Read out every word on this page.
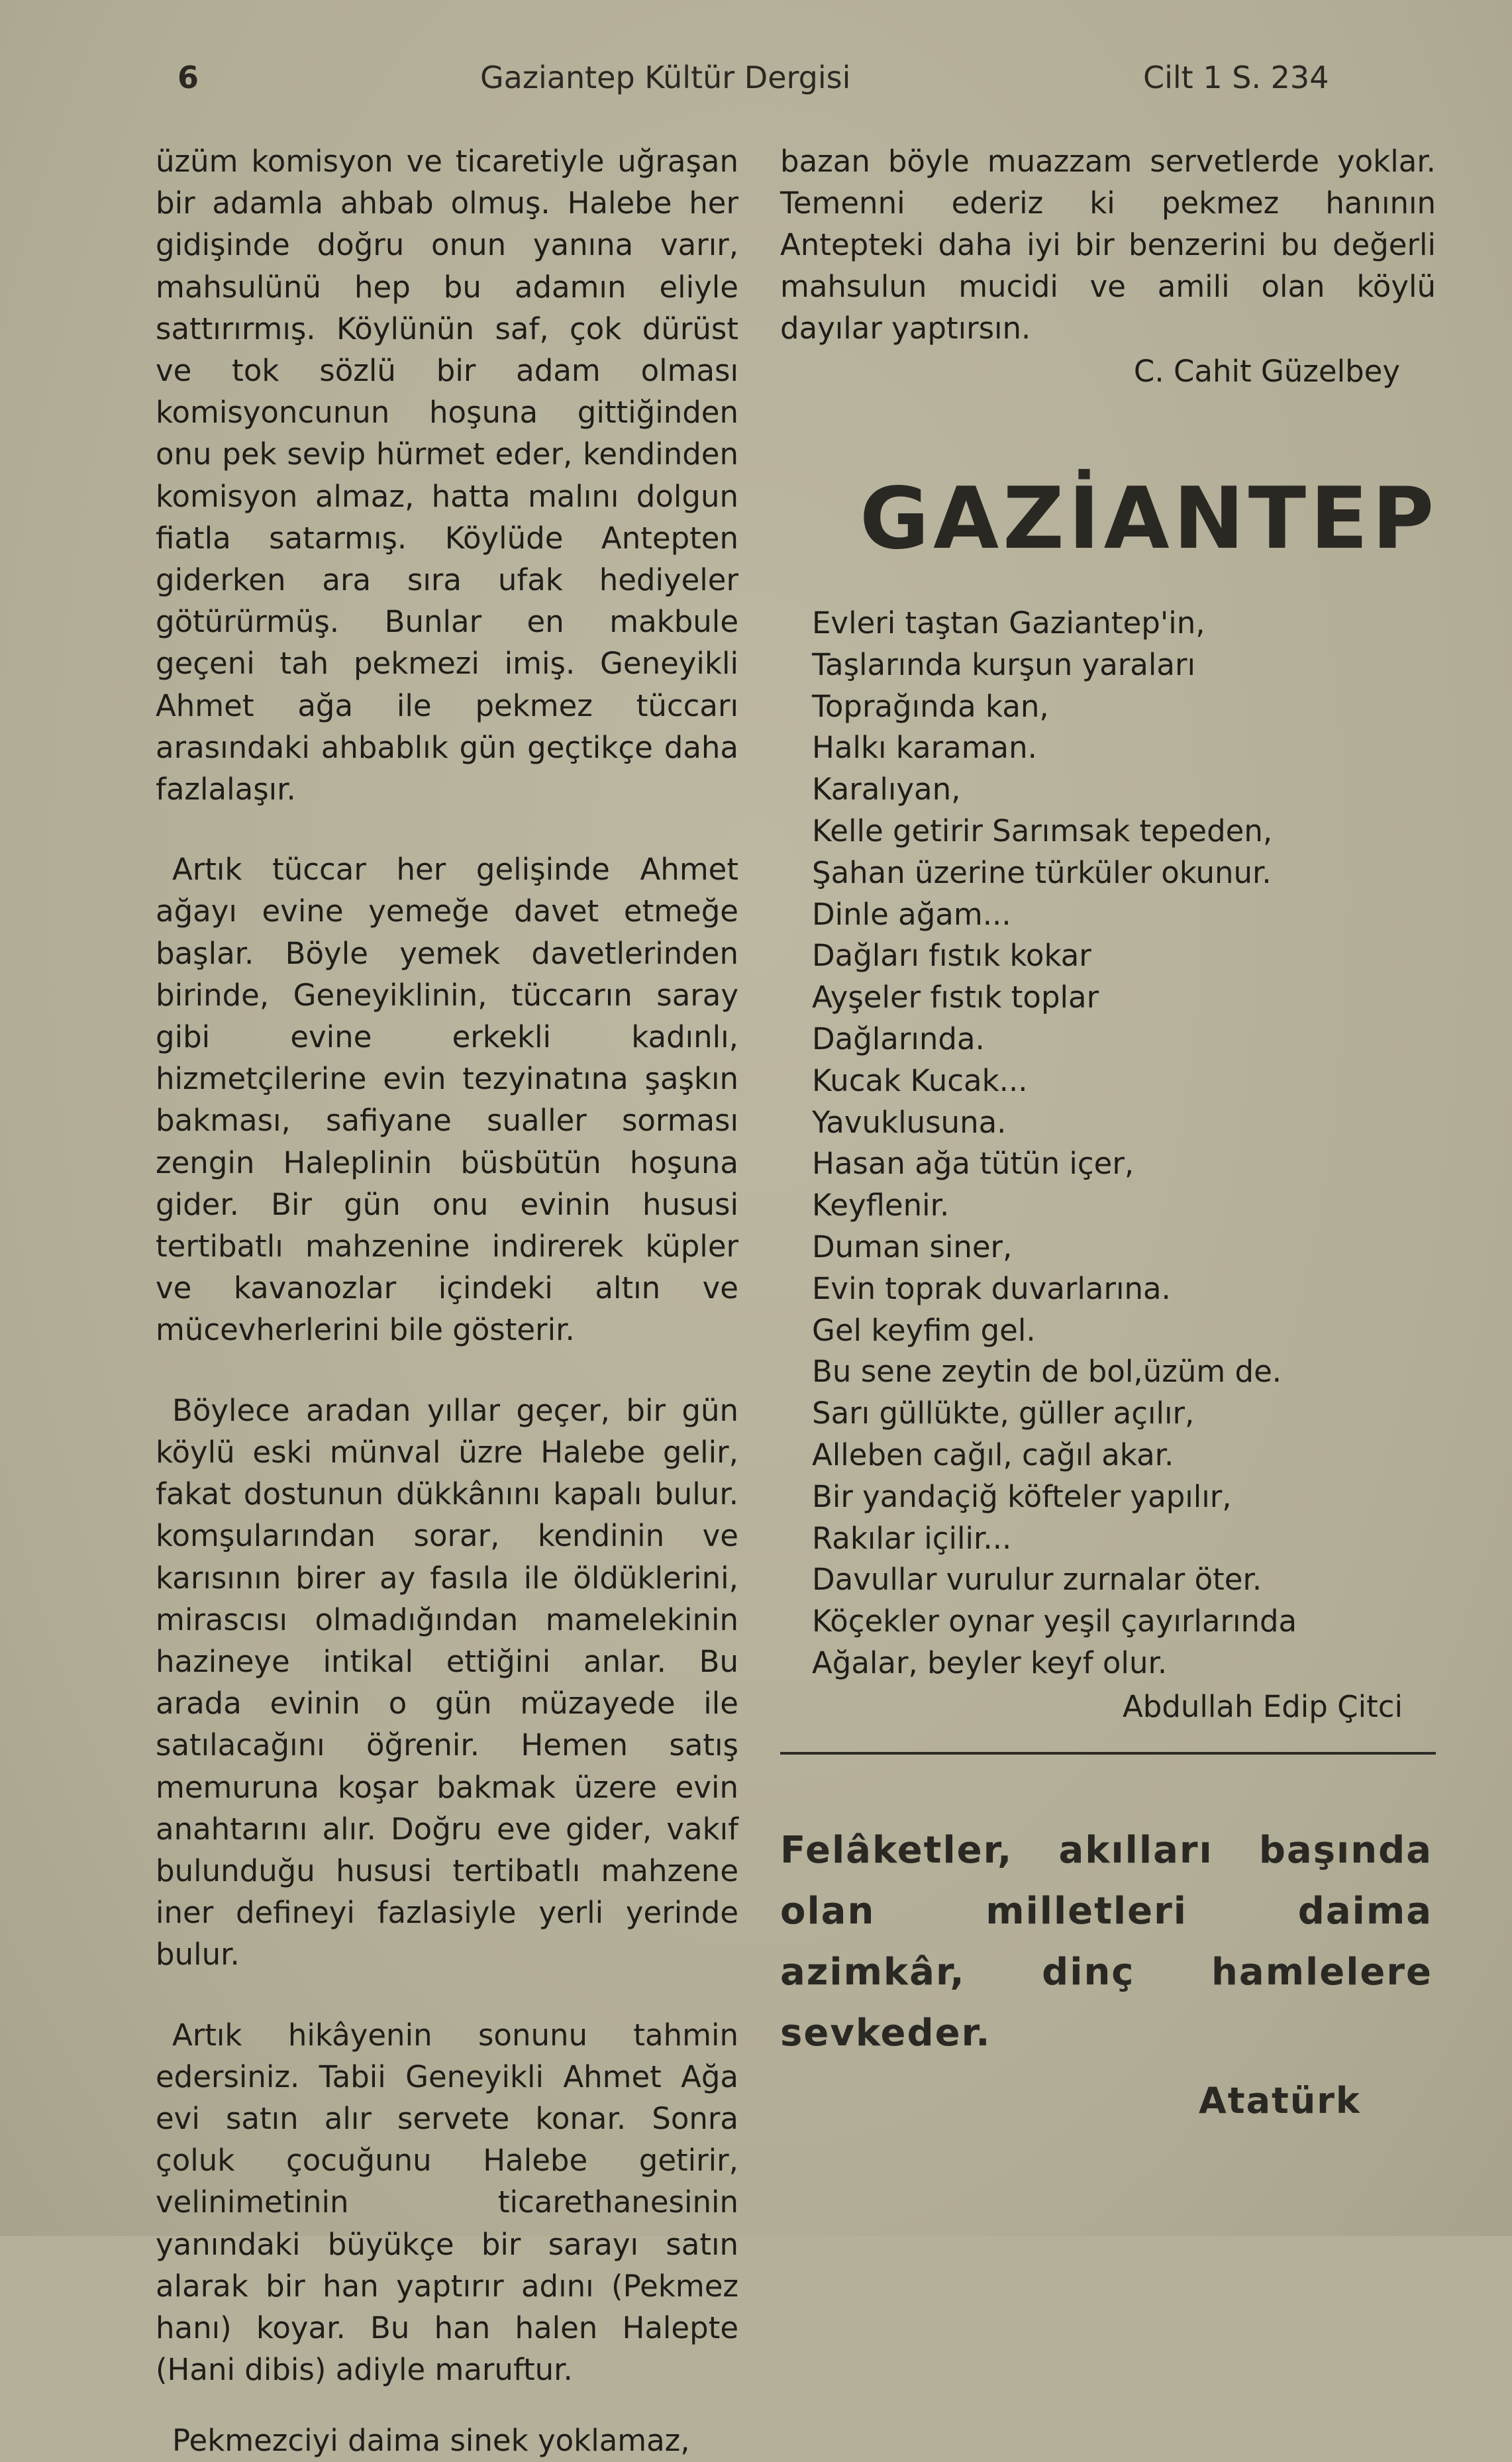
6	Gaziantep Kültür Dergisi	Cilt 1 S. 234

üzüm komisyon ve ticaretiyle uğraşan bir adamla ahbab olmuş. Halebe her gidişinde doğru onun yanına varır, mahsulünü hep bu adamın eliyle sattırırmış. Köylünün saf, çok dürüst ve tok sözlü bir adam olması komisyoncunun hoşuna gittiğinden onu pek sevip hürmet eder, kendinden komisyon almaz, hatta malını dolgun fiatla satarmış. Köylüde Antepten giderken ara sıra ufak hediyeler götürürmüş. Bunlar en makbule geçeni tah pekmezi imiş. Geneyikli Ahmet ağa ile pekmez tüccarı arasındaki ahbablık gün geçtikçe daha fazlalaşır.

Artık tüccar her gelişinde Ahmet ağayı evine yemeğe davet etmeğe başlar. Böyle yemek davetlerinden birinde, Geneyiklinin, tüccarın saray gibi evine erkekli kadınlı, hizmetçilerine evin tezyinatına şaşkın bakması, safiyane sualler sorması zengin Haleplinin büsbütün hoşuna gider. Bir gün onu evinin hususi tertibatlı mahzenine indirerek küpler ve kavanozlar içindeki altın ve mücevherlerini bile gösterir.

Böylece aradan yıllar geçer, bir gün köylü eski münval üzre Halebe gelir, fakat dostunun dükkânını kapalı bulur. komşularından sorar, kendinin ve karısının birer ay fasıla ile öldüklerini, mirascısı olmadığından mamelekinin hazineye intikal ettiğini anlar. Bu arada evinin o gün müzayede ile satılacağını öğrenir. Hemen satış memuruna koşar bakmak üzere evin anahtarını alır. Doğru eve gider, vakıf bulunduğu hususi tertibatlı mahzene iner defineyi fazlasiyle yerli yerinde bulur.

Artık hikâyenin sonunu tahmin edersiniz. Tabii Geneyikli Ahmet Ağa evi satın alır servete konar. Sonra çoluk çocuğunu Halebe getirir, velinimetinin ticarethanesinin yanındaki büyükçe bir sarayı satın alarak bir han yaptırır adını (Pekmez hanı) koyar. Bu han halen Halepte (Hani dibis) adiyle maruftur.

Pekmezciyi daima sinek yoklamaz,

bazan böyle muazzam servetlerde yoklar. Temenni ederiz ki pekmez hanının Antepteki daha iyi bir benzerini bu değerli mahsulun mucidi ve amili olan köylü dayılar yaptırsın.

C. Cahit Güzelbey

GAZİANTEP
Evleri taştan Gaziantep'in,
Taşlarında kurşun yaraları
Toprağında kan,
Halkı karaman.
Karalıyan,
Kelle getirir Sarımsak tepeden,
Şahan üzerine türküler okunur.
Dinle ağam...
Dağları fıstık kokar
Ayşeler fıstık toplar
Dağlarında.
Kucak Kucak...
Yavuklusuna.
Hasan ağa tütün içer,
Keyflenir.
Duman siner,
Evin toprak duvarlarına.
Gel keyfim gel.
Bu sene zeytin de bol,üzüm de.
Sarı güllükte, güller açılır,
Alleben cağıl, cağıl akar.
Bir yandaçiğ köfteler yapılır,
Rakılar içilir...
Davullar vurulur zurnalar öter.
Köçekler oynar yeşil çayırlarında
Ağalar, beyler keyf olur.
Abdullah Edip Çitci
Felâketler, akılları başında olan milletleri daima azimkâr, dinç hamlelere sevkeder.
Atatürk
